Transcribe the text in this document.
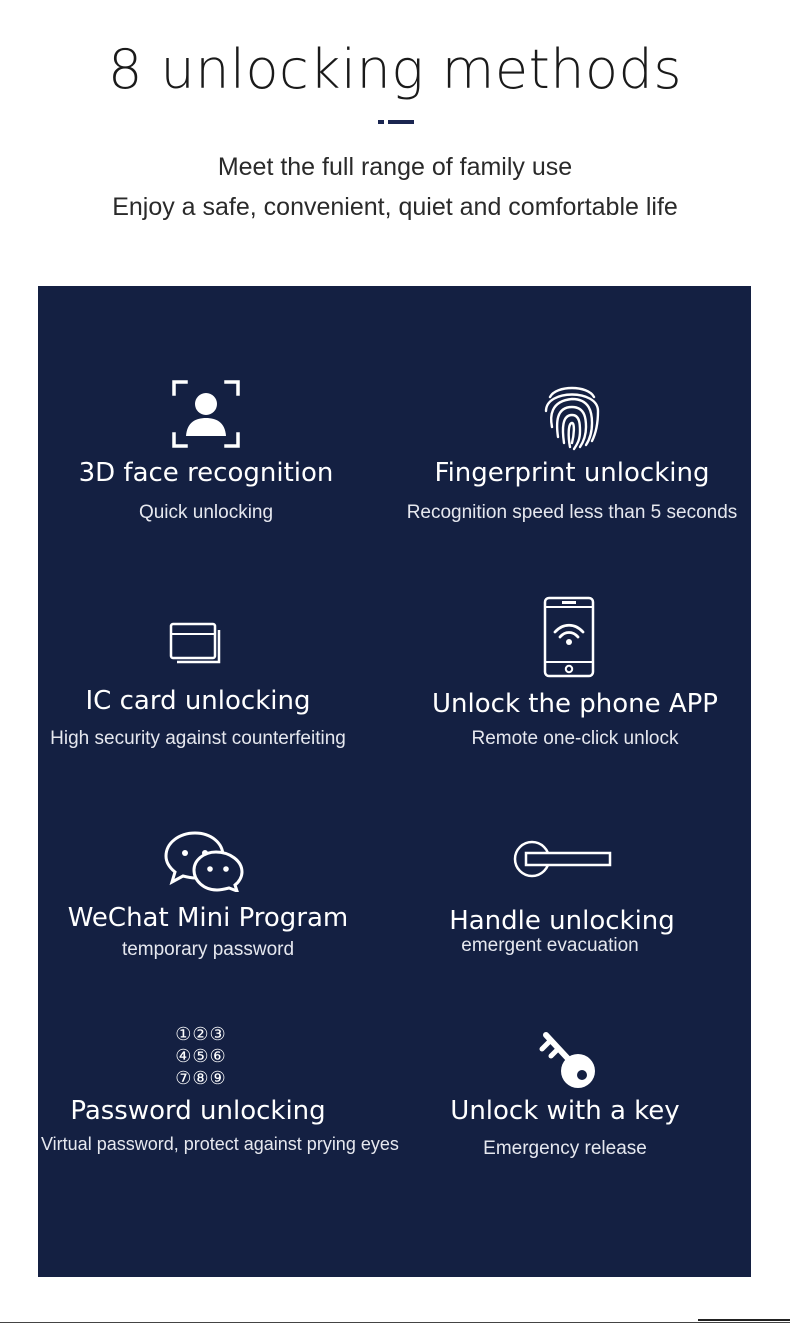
8 unlocking methods
Meet the full range of family use
Enjoy a safe, convenient, quiet and comfortable life
3D face recognition
Quick unlocking
Fingerprint unlocking
Recognition speed less than 5 seconds
IC card unlocking
High security against counterfeiting
Unlock the phone APP
Remote one-click unlock
WeChat Mini Program
temporary password
Handle unlocking
emergent evacuation
①②③
④⑤⑥
⑦⑧⑨
Password unlocking
Virtual password, protect against prying eyes
Unlock with a key
Emergency release
